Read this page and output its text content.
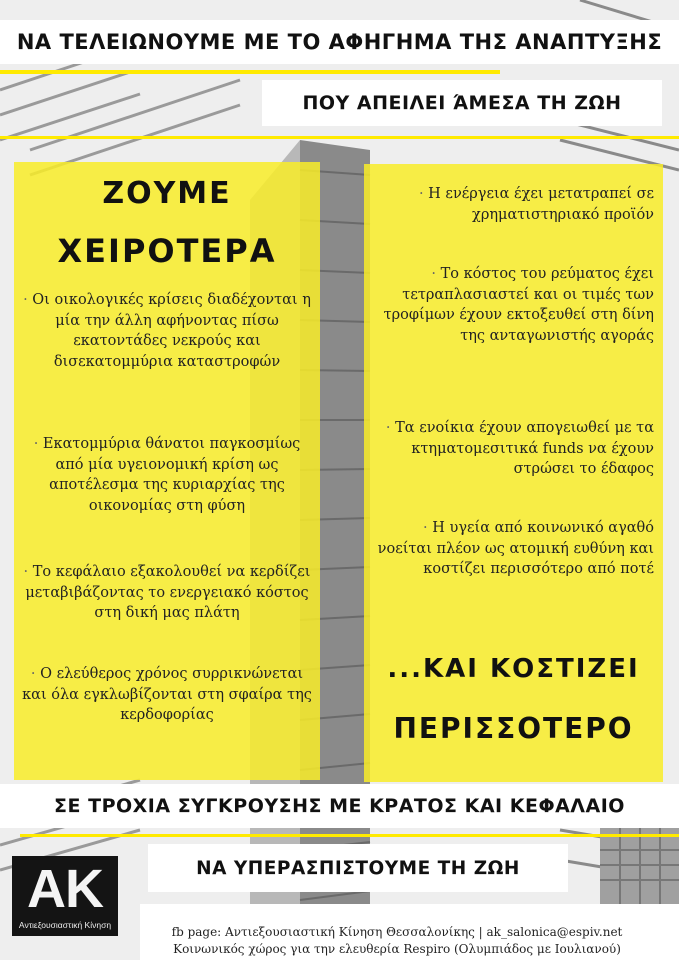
ΝΑ ΤΕΛΕΙΩΝΟΥΜΕ ΜΕ ΤΟ ΑΦΗΓΗΜΑ ΤΗΣ ΑΝΑΠΤΥΞΗΣ
ΠΟΥ ΑΠΕΙΛΕΙ ΆΜΕΣΑ ΤΗ ΖΩΗ
ΖΟΥΜΕ
ΧΕΙΡΟΤΕΡΑ
· Οι οικολογικές κρίσεις διαδέχονται η μία την άλλη αφήνοντας πίσω εκατοντάδες νεκρούς και δισεκατομμύρια καταστροφών
· Εκατομμύρια θάνατοι παγκοσμίως από μία υγειονομική κρίση ως αποτέλεσμα της κυριαρχίας της οικονομίας στη φύση
· Το κεφάλαιο εξακολουθεί να κερδίζει μεταβιβάζοντας το ενεργειακό κόστος στη δική μας πλάτη
· Ο ελεύθερος χρόνος συρρικνώνεται και όλα εγκλωβίζονται στη σφαίρα της κερδοφορίας
· Η ενέργεια έχει μετατραπεί σε χρηματιστηριακό προϊόν
· Το κόστος του ρεύματος έχει τετραπλασιαστεί και οι τιμές των τροφίμων έχουν εκτοξευθεί στη δίνη της ανταγωνιστής αγοράς
· Τα ενοίκια έχουν απογειωθεί με τα κτηματομεσιτικά funds να έχουν στρώσει το έδαφος
· Η υγεία από κοινωνικό αγαθό νοείται πλέον ως ατομική ευθύνη και κοστίζει περισσότερο από ποτέ
...ΚΑΙ ΚΟΣΤΙΖΕΙ
ΠΕΡΙΣΣΟΤΕΡΟ
ΣΕ ΤΡΟΧΙΑ ΣΥΓΚΡΟΥΣΗΣ ΜΕ ΚΡΑΤΟΣ ΚΑΙ ΚΕΦΑΛΑΙΟ
ΝΑ ΥΠΕΡΑΣΠΙΣΤΟΥΜΕ ΤΗ ΖΩΗ
AK
Αντιεξουσιαστική Κίνηση	fb page: Αντιεξουσιαστική Κίνηση Θεσσαλονίκης | ak_salonica@espiv.net
Κοινωνικός χώρος για την ελευθερία Respiro (Ολυμπιάδος με Ιουλιανού)
